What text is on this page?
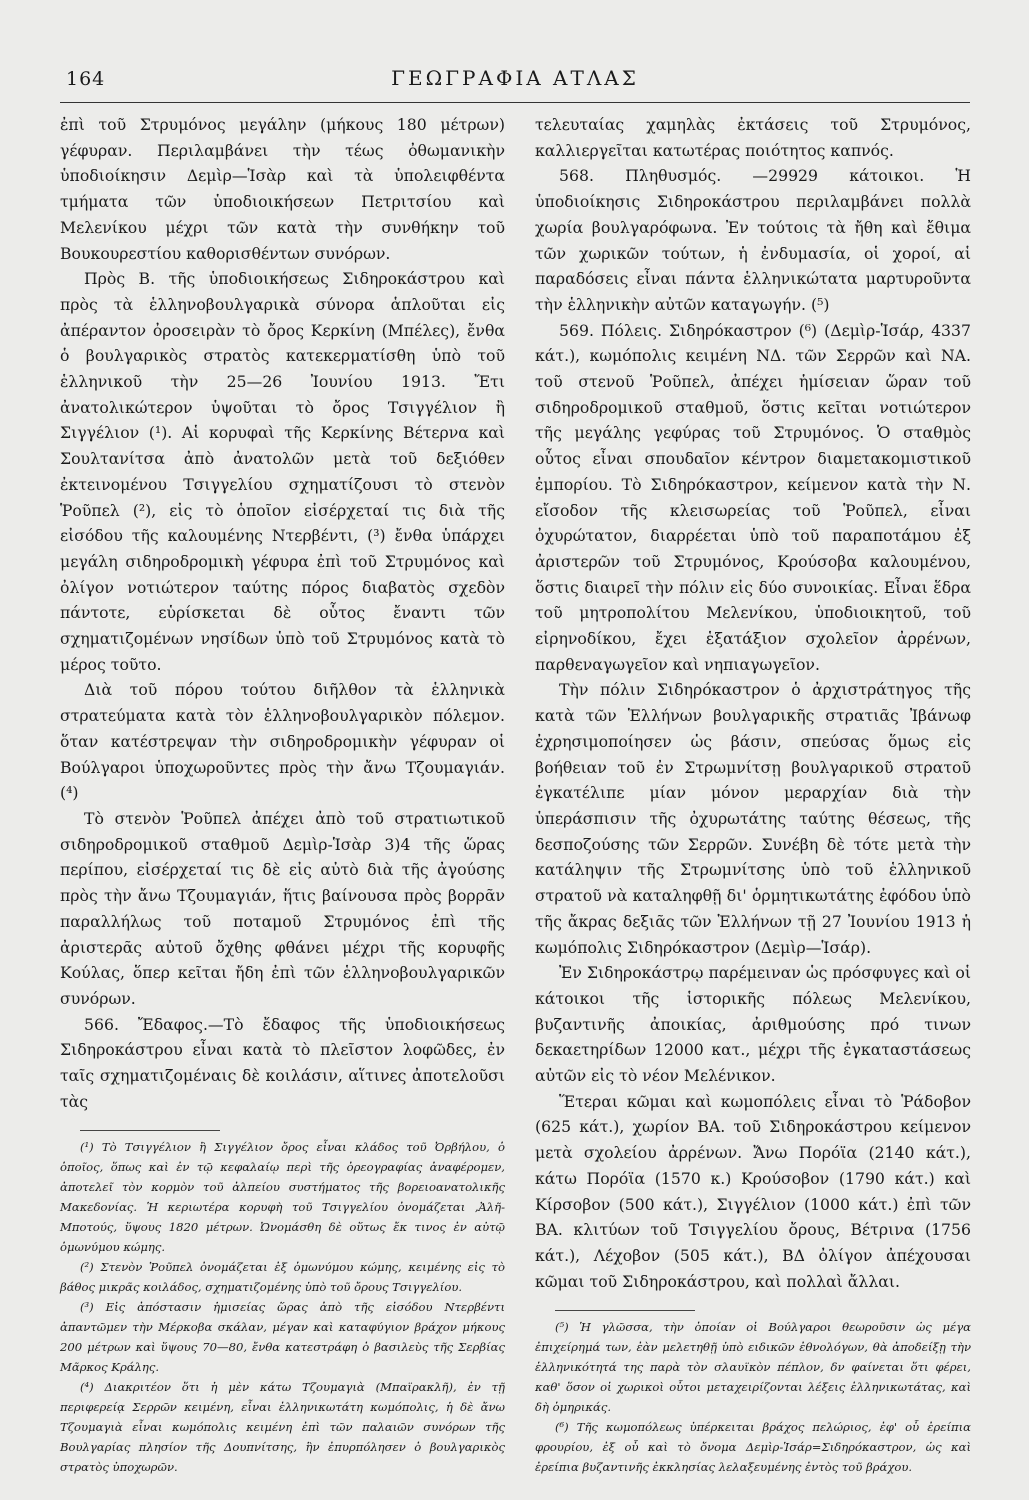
164	ΓΕΩΓΡΑΦΙΑ ΑΤΛΑΣ

ἐπὶ τοῦ Στρυμόνος μεγάλην (μήκους 180 μέτρων) γέφυραν. Περιλαμβάνει τὴν τέως ὀθωμανικὴν ὑποδιοίκησιν Δεμὶρ—Ἱσὰρ καὶ τὰ ὑπολειφθέντα τμήματα τῶν ὑποδιοικήσεων Πετριτσίου καὶ Μελενίκου μέχρι τῶν κατὰ τὴν συνθήκην τοῦ Βουκουρεστίου καθορισθέντων συνόρων.

Πρὸς Β. τῆς ὑποδιοικήσεως Σιδηροκάστρου καὶ πρὸς τὰ ἑλληνοβουλγαρικὰ σύνορα ἁπλοῦται εἰς ἀπέραντον ὀροσειρὰν τὸ ὄρος Κερκίνη (Μπέλες), ἔνθα ὁ βουλγαρικὸς στρατὸς κατεκερματίσθη ὑπὸ τοῦ ἑλληνικοῦ τὴν 25—26 Ἰουνίου 1913. Ἔτι ἀνατολικώτερον ὑψοῦται τὸ ὄρος Τσιγγέλιον ἢ Σιγγέλιον (¹). Αἱ κορυφαὶ τῆς Κερκίνης Βέτερνα καὶ Σουλτανίτσα ἀπὸ ἀνατολῶν μετὰ τοῦ δεξιόθεν ἐκτεινομένου Τσιγγελίου σχηματίζουσι τὸ στενὸν Ῥοῦπελ (²), εἰς τὸ ὁποῖον εἰσέρχεταί τις διὰ τῆς εἰσόδου τῆς καλουμένης Ντερβέντι, (³) ἔνθα ὑπάρχει μεγάλη σιδηροδρομικὴ γέφυρα ἐπὶ τοῦ Στρυμόνος καὶ ὀλίγον νοτιώτερον ταύτης πόρος διαβατὸς σχεδὸν πάντοτε, εὑρίσκεται δὲ οὗτος ἔναντι τῶν σχηματιζομένων νησίδων ὑπὸ τοῦ Στρυμόνος κατὰ τὸ μέρος τοῦτο.

Διὰ τοῦ πόρου τούτου διῆλθον τὰ ἑλληνικὰ στρατεύματα κατὰ τὸν ἑλληνοβουλγαρικὸν πόλεμον. ὅταν κατέστρεψαν τὴν σιδηροδρομικὴν γέφυραν οἱ Βούλγαροι ὑποχωροῦντες πρὸς τὴν ἄνω Τζουμαγιάν. (⁴)

Τὸ στενὸν Ῥοῦπελ ἀπέχει ἀπὸ τοῦ στρατιωτικοῦ σιδηροδρομικοῦ σταθμοῦ Δεμὶρ-Ἱσὰρ 3)4 τῆς ὥρας περίπου, εἰσέρχεταί τις δὲ εἰς αὐτὸ διὰ τῆς ἀγούσης πρὸς τὴν ἄνω Τζουμαγιάν, ἥτις βαίνουσα πρὸς βορρᾶν παραλλήλως τοῦ ποταμοῦ Στρυμόνος ἐπὶ τῆς ἀριστερᾶς αὐτοῦ ὄχθης φθάνει μέχρι τῆς κορυφῆς Κούλας, ὅπερ κεῖται ἤδη ἐπὶ τῶν ἑλληνοβουλγαρικῶν συνόρων.

566. Ἔδαφος.—Τὸ ἔδαφος τῆς ὑποδιοικήσεως Σιδηροκάστρου εἶναι κατὰ τὸ πλεῖστον λοφῶδες, ἐν ταῖς σχηματιζομέναις δὲ κοιλάσιν, αἵτινες ἀποτελοῦσι τὰς

(¹) Τὸ Τσιγγέλιον ἢ Σιγγέλιον ὄρος εἶναι κλάδος τοῦ Ὀρβήλου, ὁ ὁποῖος, ὅπως καὶ ἐν τῷ κεφαλαίῳ περὶ τῆς ὀρεογραφίας ἀναφέρομεν, ἀποτελεῖ τὸν κορμὸν τοῦ ἀλπείου συστήματος τῆς βορειοανατολικῆς Μακεδονίας. Ἡ κεριωτέρα κορυφὴ τοῦ Τσιγγελίου ὀνομάζεται ‚Ἀλῆ-Μποτούς, ὕψους 1820 μέτρων. Ὠνομάσθη δὲ οὕτως ἔκ τινος ἐν αὐτῷ ὁμωνύμου κώμης.

(²) Στενὸν Ῥοῦπελ ὀνομάζεται ἐξ ὁμωνύμου κώμης, κειμένης εἰς τὸ βάθος μικρᾶς κοιλάδος, σχηματιζομένης ὑπὸ τοῦ ὄρους Τσιγγελίου.

(³) Εἰς ἀπόστασιν ἡμισείας ὥρας ἀπὸ τῆς εἰσόδου Ντερβέντι ἀπαντῶμεν τὴν Μέρκοβα σκάλαν, μέγαν καὶ καταφύγιον βράχον μήκους 200 μέτρων καὶ ὕψους 70—80, ἔνθα κατεστράφη ὁ βασιλεὺς τῆς Σερβίας Μᾶρκος Κράλης.

(⁴) Διακριτέον ὅτι ἡ μὲν κάτω Τζουμαγιὰ (Μπαϊρακλῆ), ἐν τῇ περιφερείᾳ Σερρῶν κειμένη, εἶναι ἑλληνικωτάτη κωμόπολις, ἡ δὲ ἄνω Τζουμαγιὰ εἶναι κωμόπολις κειμένη ἐπὶ τῶν παλαιῶν συνόρων τῆς Βουλγαρίας πλησίον τῆς Δουπνίτσης, ἣν ἐπυρπόλησεν ὁ βουλγαρικὸς στρατὸς ὑποχωρῶν.

τελευταίας χαμηλὰς ἐκτάσεις τοῦ Στρυμόνος, καλλιεργεῖται κατωτέρας ποιότητος καπνός.

568. Πληθυσμός. —29929 κάτοικοι. Ἡ ὑποδιοίκησις Σιδηροκάστρου περιλαμβάνει πολλὰ χωρία βουλγαρόφωνα. Ἐν τούτοις τὰ ἤθη καὶ ἔθιμα τῶν χωρικῶν τούτων, ἡ ἐνδυμασία, οἱ χοροί, αἱ παραδόσεις εἶναι πάντα ἑλληνικώτατα μαρτυροῦντα τὴν ἑλληνικὴν αὐτῶν καταγωγήν. (⁵)

569. Πόλεις. Σιδηρόκαστρον (⁶) (Δεμὶρ-Ἱσάρ, 4337 κάτ.), κωμόπολις κειμένη ΝΔ. τῶν Σερρῶν καὶ ΝΑ. τοῦ στενοῦ Ῥοῦπελ, ἀπέχει ἡμίσειαν ὥραν τοῦ σιδηροδρομικοῦ σταθμοῦ, ὅστις κεῖται νοτιώτερον τῆς μεγάλης γεφύρας τοῦ Στρυμόνος. Ὁ σταθμὸς οὗτος εἶναι σπουδαῖον κέντρον διαμετακομιστικοῦ ἐμπορίου. Τὸ Σιδηρόκαστρον, κείμενον κατὰ τὴν Ν. εἴσοδον τῆς κλεισωρείας τοῦ Ῥοῦπελ, εἶναι ὀχυρώτατον, διαρρέεται ὑπὸ τοῦ παραποτάμου ἐξ ἀριστερῶν τοῦ Στρυμόνος, Κρούσοβα καλουμένου, ὅστις διαιρεῖ τὴν πόλιν εἰς δύο συνοικίας. Εἶναι ἕδρα τοῦ μητροπολίτου Μελενίκου, ὑποδιοικητοῦ, τοῦ εἰρηνοδίκου, ἔχει ἑξατάξιον σχολεῖον ἀρρένων, παρθεναγωγεῖον καὶ νηπιαγωγεῖον.

Τὴν πόλιν Σιδηρόκαστρον ὁ ἀρχιστράτηγος τῆς κατὰ τῶν Ἑλλήνων βουλγαρικῆς στρατιᾶς Ἰβάνωφ ἐχρησιμοποίησεν ὡς βάσιν, σπεύσας ὅμως εἰς βοήθειαν τοῦ ἐν Στρωμνίτσῃ βουλγαρικοῦ στρατοῦ ἐγκατέλιπε μίαν μόνον μεραρχίαν διὰ τὴν ὑπεράσπισιν τῆς ὀχυρωτάτης ταύτης θέσεως, τῆς δεσποζούσης τῶν Σερρῶν. Συνέβη δὲ τότε μετὰ τὴν κατάληψιν τῆς Στρωμνίτσης ὑπὸ τοῦ ἑλληνικοῦ στρατοῦ νὰ καταληφθῇ δι' ὁρμητικωτάτης ἐφόδου ὑπὸ τῆς ἄκρας δεξιᾶς τῶν Ἑλλήνων τῇ 27 Ἰουνίου 1913 ἡ κωμόπολις Σιδηρόκαστρον (Δεμὶρ—Ἱσάρ).

Ἐν Σιδηροκάστρῳ παρέμειναν ὡς πρόσφυγες καὶ οἱ κάτοικοι τῆς ἱστορικῆς πόλεως Μελενίκου, βυζαντινῆς ἀποικίας, ἀριθμούσης πρό τινων δεκαετηρίδων 12000 κατ., μέχρι τῆς ἐγκαταστάσεως αὐτῶν εἰς τὸ νέον Μελένικον.

Ἕτεραι κῶμαι καὶ κωμοπόλεις εἶναι τὸ Ῥάδοβον (625 κάτ.), χωρίον ΒΑ. τοῦ Σιδηροκάστρου κείμενον μετὰ σχολείου ἀρρένων. Ἄνω Πορόϊα (2140 κάτ.), κάτω Πορόϊα (1570 κ.) Κρούσοβον (1790 κάτ.) καὶ Κίρσοβον (500 κάτ.), Σιγγέλιον (1000 κάτ.) ἐπὶ τῶν ΒΑ. κλιτύων τοῦ Τσιγγελίου ὄρους, Βέτρινα (1756 κάτ.), Λέχοβον (505 κάτ.), ΒΔ ὀλίγον ἀπέχουσαι κῶμαι τοῦ Σιδηροκάστρου, καὶ πολλαὶ ἄλλαι.

(⁵) Ἡ γλῶσσα, τὴν ὁποίαν οἱ Βούλγαροι θεωροῦσιν ὡς μέγα ἐπιχείρημά των, ἐὰν μελετηθῇ ὑπὸ ειδικῶν ἐθνολόγων, θὰ ἀποδείξῃ τὴν ἑλληνικότητά της παρὰ τὸν σλαυϊκὸν πέπλον, δν φαίνεται ὅτι φέρει, καθ' ὅσον οἱ χωρικοὶ οὗτοι μεταχειρίζονται λέξεις ἑλληνικωτάτας, καὶ δὴ ὁμηρικάς.

(⁶) Τῆς κωμοπόλεως ὑπέρκειται βράχος πελώριος, ἐφ' οὗ ἐρείπια φρουρίου, ἐξ οὗ καὶ τὸ ὄνομα Δεμὶρ-Ἱσάρ=Σιδηρόκαστρον, ὡς καὶ ἐρείπια βυζαντινῆς ἐκκλησίας λελαξευμένης ἐντὸς τοῦ βράχου.
